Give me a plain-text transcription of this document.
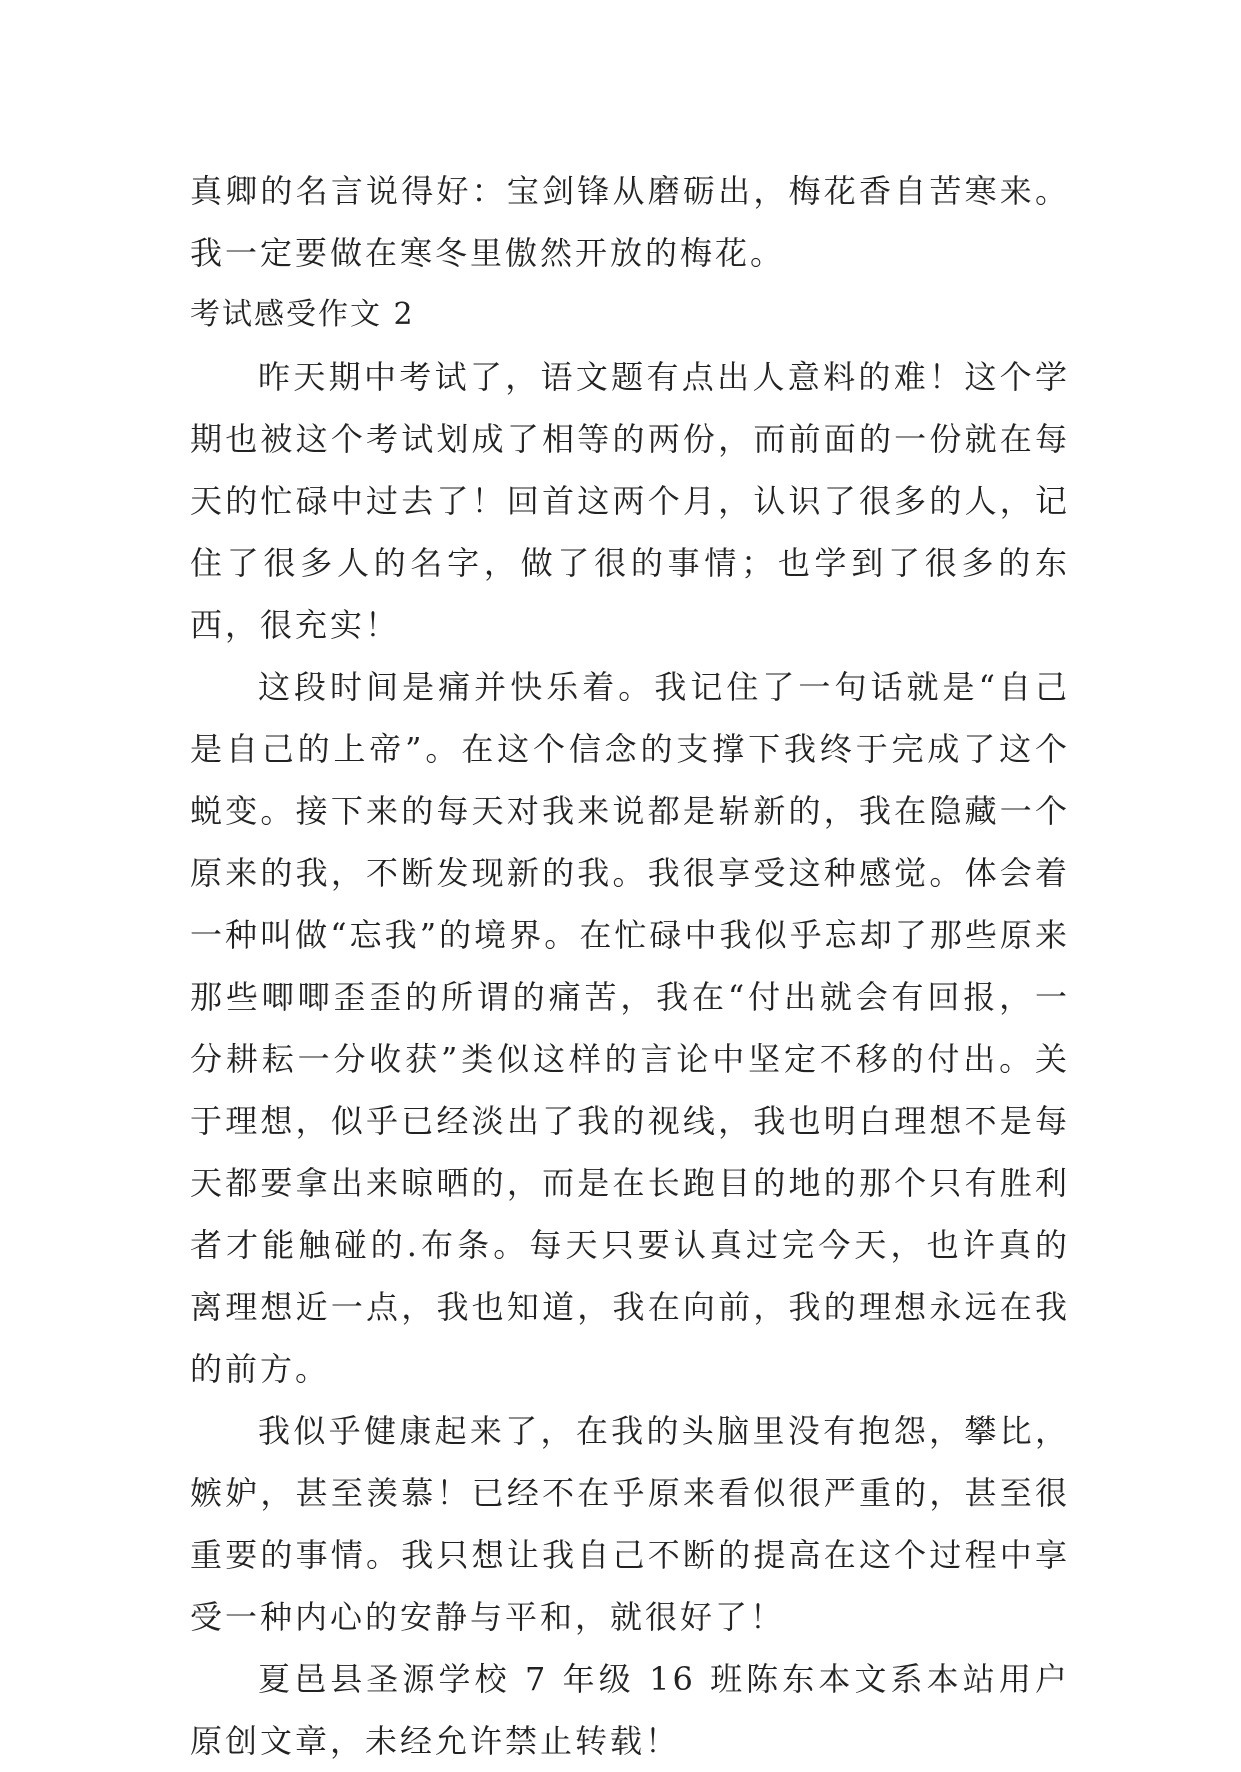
真卿的名言说得好：宝剑锋从磨砺出，梅花香自苦寒来。我一定要做在寒冬里傲然开放的梅花。

考试感受作文 2

昨天期中考试了，语文题有点出人意料的难！这个学期也被这个考试划成了相等的两份，而前面的一份就在每天的忙碌中过去了！回首这两个月，认识了很多的人，记住了很多人的名字，做了很的事情；也学到了很多的东西，很充实！

这段时间是痛并快乐着。我记住了一句话就是“自己是自己的上帝”。在这个信念的支撑下我终于完成了这个蜕变。接下来的每天对我来说都是崭新的，我在隐藏一个原来的我，不断发现新的我。我很享受这种感觉。体会着一种叫做“忘我”的境界。在忙碌中我似乎忘却了那些原来那些唧唧歪歪的所谓的痛苦，我在“付出就会有回报，一分耕耘一分收获”类似这样的言论中坚定不移的付出。关于理想，似乎已经淡出了我的视线，我也明白理想不是每天都要拿出来晾晒的，而是在长跑目的地的那个只有胜利者才能触碰的.布条。每天只要认真过完今天，也许真的离理想近一点，我也知道，我在向前，我的理想永远在我的前方。

我似乎健康起来了，在我的头脑里没有抱怨，攀比，嫉妒，甚至羡慕！已经不在乎原来看似很严重的，甚至很重要的事情。我只想让我自己不断的提高在这个过程中享受一种内心的安静与平和，就很好了！

夏邑县圣源学校 7 年级 16 班陈东本文系本站用户原创文章，未经允许禁止转载！
